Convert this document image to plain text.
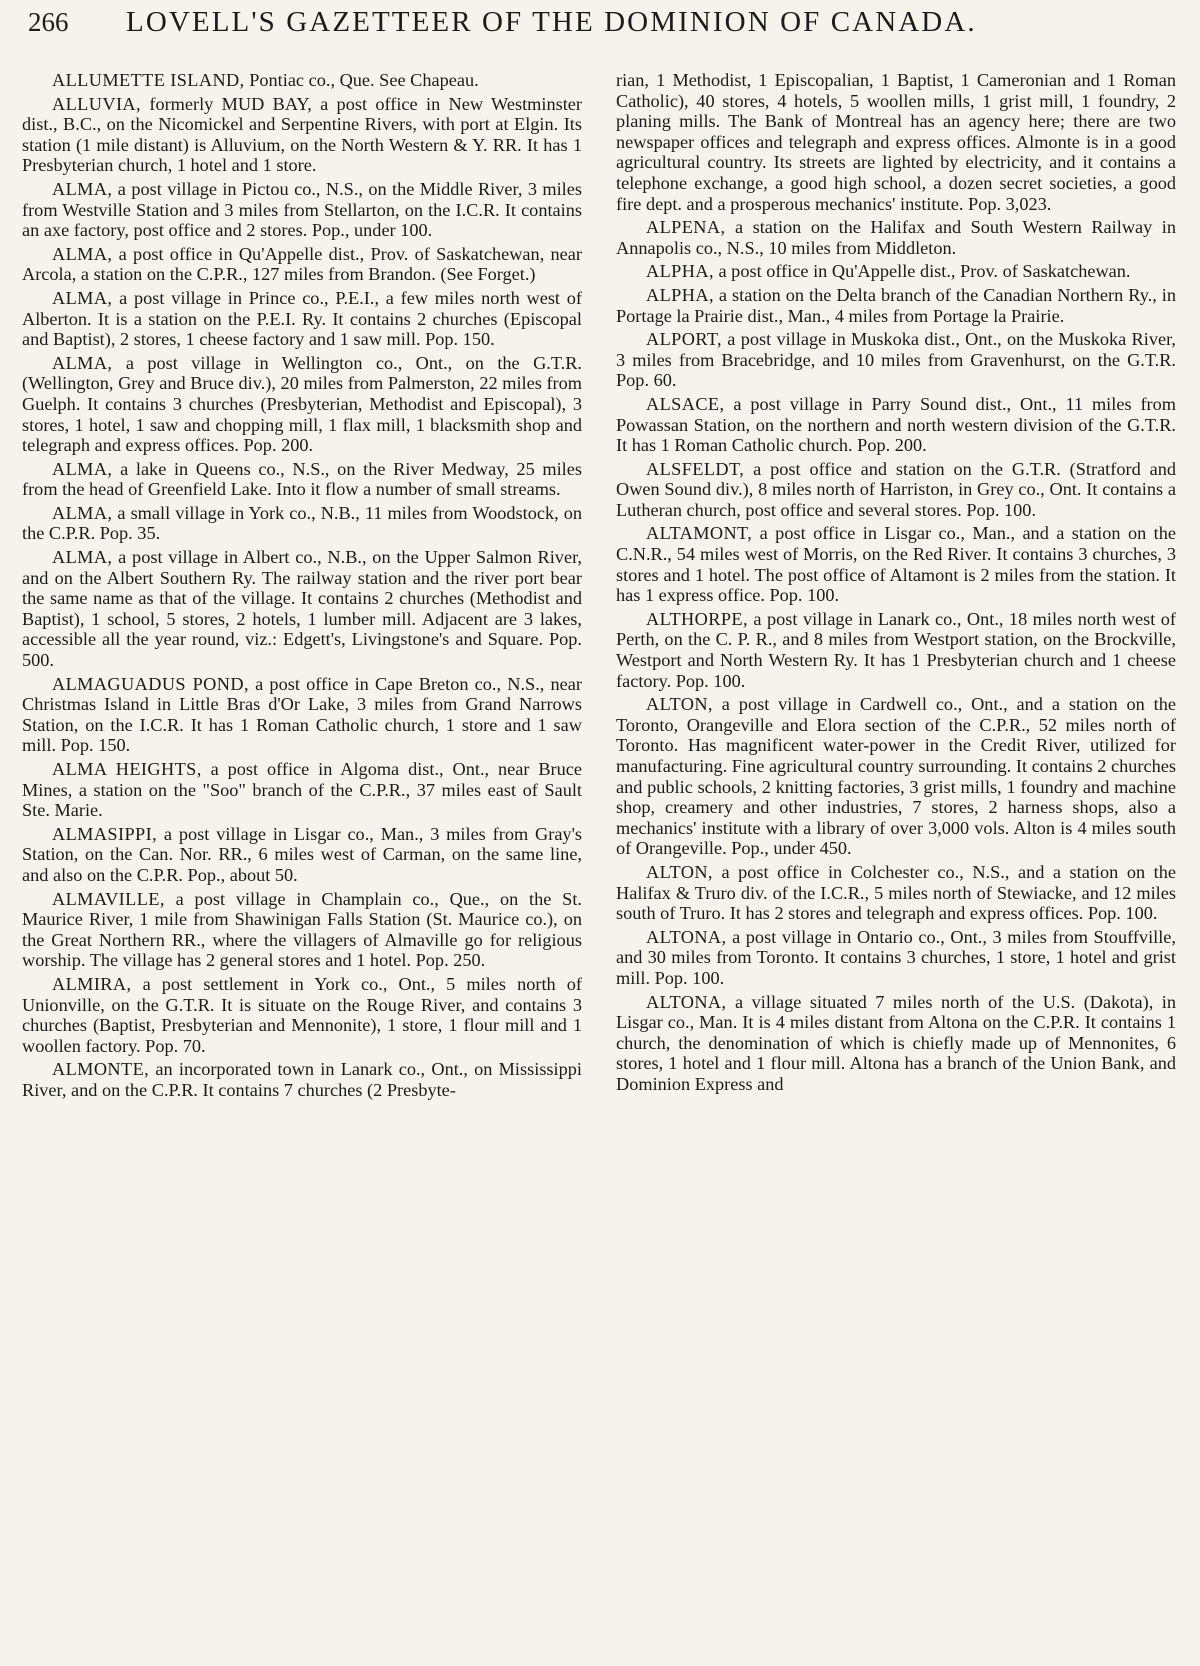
266	LOVELL'S GAZETTEER OF THE DOMINION OF CANADA.

ALLUMETTE ISLAND, Pontiac co., Que. See Chapeau.

ALLUVIA, formerly MUD BAY, a post office in New Westminster dist., B.C., on the Nicomickel and Serpentine Rivers, with port at Elgin. Its station (1 mile distant) is Alluvium, on the North Western & Y. RR. It has 1 Presbyterian church, 1 hotel and 1 store.

ALMA, a post village in Pictou co., N.S., on the Middle River, 3 miles from Westville Station and 3 miles from Stellarton, on the I.C.R. It contains an axe factory, post office and 2 stores. Pop., under 100.

ALMA, a post office in Qu'Appelle dist., Prov. of Saskatchewan, near Arcola, a station on the C.P.R., 127 miles from Brandon. (See Forget.)

ALMA, a post village in Prince co., P.E.I., a few miles north west of Alberton. It is a station on the P.E.I. Ry. It contains 2 churches (Episcopal and Baptist), 2 stores, 1 cheese factory and 1 saw mill. Pop. 150.

ALMA, a post village in Wellington co., Ont., on the G.T.R. (Wellington, Grey and Bruce div.), 20 miles from Palmerston, 22 miles from Guelph. It contains 3 churches (Presbyterian, Methodist and Episcopal), 3 stores, 1 hotel, 1 saw and chopping mill, 1 flax mill, 1 blacksmith shop and telegraph and express offices. Pop. 200.

ALMA, a lake in Queens co., N.S., on the River Medway, 25 miles from the head of Greenfield Lake. Into it flow a number of small streams.

ALMA, a small village in York co., N.B., 11 miles from Woodstock, on the C.P.R. Pop. 35.

ALMA, a post village in Albert co., N.B., on the Upper Salmon River, and on the Albert Southern Ry. The railway station and the river port bear the same name as that of the village. It contains 2 churches (Methodist and Baptist), 1 school, 5 stores, 2 hotels, 1 lumber mill. Adjacent are 3 lakes, accessible all the year round, viz.: Edgett's, Livingstone's and Square. Pop. 500.

ALMAGUADUS POND, a post office in Cape Breton co., N.S., near Christmas Island in Little Bras d'Or Lake, 3 miles from Grand Narrows Station, on the I.C.R. It has 1 Roman Catholic church, 1 store and 1 saw mill. Pop. 150.

ALMA HEIGHTS, a post office in Algoma dist., Ont., near Bruce Mines, a station on the "Soo" branch of the C.P.R., 37 miles east of Sault Ste. Marie.

ALMASIPPI, a post village in Lisgar co., Man., 3 miles from Gray's Station, on the Can. Nor. RR., 6 miles west of Carman, on the same line, and also on the C.P.R. Pop., about 50.

ALMAVILLE, a post village in Champlain co., Que., on the St. Maurice River, 1 mile from Shawinigan Falls Station (St. Maurice co.), on the Great Northern RR., where the villagers of Almaville go for religious worship. The village has 2 general stores and 1 hotel. Pop. 250.

ALMIRA, a post settlement in York co., Ont., 5 miles north of Unionville, on the G.T.R. It is situate on the Rouge River, and contains 3 churches (Baptist, Presbyterian and Mennonite), 1 store, 1 flour mill and 1 woollen factory. Pop. 70.

ALMONTE, an incorporated town in Lanark co., Ont., on Mississippi River, and on the C.P.R. It contains 7 churches (2 Presbyte-

rian, 1 Methodist, 1 Episcopalian, 1 Baptist, 1 Cameronian and 1 Roman Catholic), 40 stores, 4 hotels, 5 woollen mills, 1 grist mill, 1 foundry, 2 planing mills. The Bank of Montreal has an agency here; there are two newspaper offices and telegraph and express offices. Almonte is in a good agricultural country. Its streets are lighted by electricity, and it contains a telephone exchange, a good high school, a dozen secret societies, a good fire dept. and a prosperous mechanics' institute. Pop. 3,023.

ALPENA, a station on the Halifax and South Western Railway in Annapolis co., N.S., 10 miles from Middleton.

ALPHA, a post office in Qu'Appelle dist., Prov. of Saskatchewan.

ALPHA, a station on the Delta branch of the Canadian Northern Ry., in Portage la Prairie dist., Man., 4 miles from Portage la Prairie.

ALPORT, a post village in Muskoka dist., Ont., on the Muskoka River, 3 miles from Bracebridge, and 10 miles from Gravenhurst, on the G.T.R. Pop. 60.

ALSACE, a post village in Parry Sound dist., Ont., 11 miles from Powassan Station, on the northern and north western division of the G.T.R. It has 1 Roman Catholic church. Pop. 200.

ALSFELDT, a post office and station on the G.T.R. (Stratford and Owen Sound div.), 8 miles north of Harriston, in Grey co., Ont. It contains a Lutheran church, post office and several stores. Pop. 100.

ALTAMONT, a post office in Lisgar co., Man., and a station on the C.N.R., 54 miles west of Morris, on the Red River. It contains 3 churches, 3 stores and 1 hotel. The post office of Altamont is 2 miles from the station. It has 1 express office. Pop. 100.

ALTHORPE, a post village in Lanark co., Ont., 18 miles north west of Perth, on the C. P. R., and 8 miles from Westport station, on the Brockville, Westport and North Western Ry. It has 1 Presbyterian church and 1 cheese factory. Pop. 100.

ALTON, a post village in Cardwell co., Ont., and a station on the Toronto, Orangeville and Elora section of the C.P.R., 52 miles north of Toronto. Has magnificent water-power in the Credit River, utilized for manufacturing. Fine agricultural country surrounding. It contains 2 churches and public schools, 2 knitting factories, 3 grist mills, 1 foundry and machine shop, creamery and other industries, 7 stores, 2 harness shops, also a mechanics' institute with a library of over 3,000 vols. Alton is 4 miles south of Orangeville. Pop., under 450.

ALTON, a post office in Colchester co., N.S., and a station on the Halifax & Truro div. of the I.C.R., 5 miles north of Stewiacke, and 12 miles south of Truro. It has 2 stores and telegraph and express offices. Pop. 100.

ALTONA, a post village in Ontario co., Ont., 3 miles from Stouffville, and 30 miles from Toronto. It contains 3 churches, 1 store, 1 hotel and grist mill. Pop. 100.

ALTONA, a village situated 7 miles north of the U.S. (Dakota), in Lisgar co., Man. It is 4 miles distant from Altona on the C.P.R. It contains 1 church, the denomination of which is chiefly made up of Mennonites, 6 stores, 1 hotel and 1 flour mill. Altona has a branch of the Union Bank, and Dominion Express and
